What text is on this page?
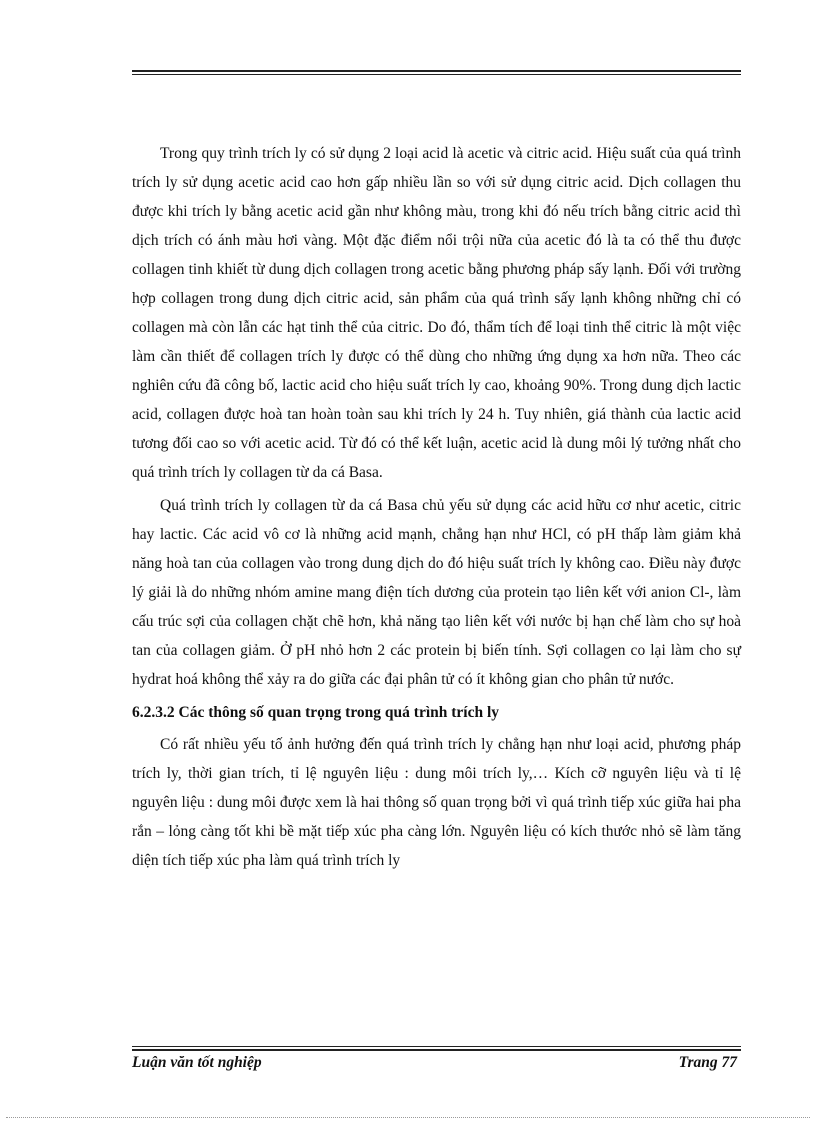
Trong quy trình trích ly có sử dụng 2 loại acid là acetic và citric acid. Hiệu suất của quá trình trích ly sử dụng acetic acid cao hơn gấp nhiều lần so với sử dụng citric acid. Dịch collagen thu được khi trích ly bằng acetic acid gần như không màu, trong khi đó nếu trích bằng citric acid thì dịch trích có ánh màu hơi vàng. Một đặc điểm nổi trội nữa của acetic đó là ta có thể thu được collagen tinh khiết từ dung dịch collagen trong acetic bằng phương pháp sấy lạnh. Đối với trường hợp collagen trong dung dịch citric acid, sản phẩm của quá trình sấy lạnh không những chỉ có collagen mà còn lẫn các hạt tinh thể của citric. Do đó, thẩm tích để loại tinh thể citric là một việc làm cần thiết để collagen trích ly được có thể dùng cho những ứng dụng xa hơn nữa. Theo các nghiên cứu đã công bố, lactic acid cho hiệu suất trích ly cao, khoảng 90%. Trong dung dịch lactic acid, collagen được hoà tan hoàn toàn sau khi trích ly 24 h. Tuy nhiên, giá thành của lactic acid tương đối cao so với acetic acid. Từ đó có thể kết luận, acetic acid là dung môi lý tưởng nhất cho quá trình trích ly collagen từ da cá Basa.

Quá trình trích ly collagen từ da cá Basa chủ yếu sử dụng các acid hữu cơ như acetic, citric hay lactic. Các acid vô cơ là những acid mạnh, chẳng hạn như HCl, có pH thấp làm giảm khả năng hoà tan của collagen vào trong dung dịch do đó hiệu suất trích ly không cao. Điều này được lý giải là do những nhóm amine mang điện tích dương của protein tạo liên kết với anion Cl-, làm cấu trúc sợi của collagen chặt chẽ hơn, khả năng tạo liên kết với nước bị hạn chế làm cho sự hoà tan của collagen giảm. Ở pH nhỏ hơn 2 các protein bị biến tính. Sợi collagen co lại làm cho sự hydrat hoá không thể xảy ra do giữa các đại phân tử có ít không gian cho phân tử nước.

6.2.3.2 Các thông số quan trọng trong quá trình trích ly

Có rất nhiều yếu tố ảnh hưởng đến quá trình trích ly chẳng hạn như loại acid, phương pháp trích ly, thời gian trích, tỉ lệ nguyên liệu : dung môi trích ly,… Kích cỡ nguyên liệu và tỉ lệ nguyên liệu : dung môi được xem là hai thông số quan trọng bởi vì quá trình tiếp xúc giữa hai pha rắn – lỏng càng tốt khi bề mặt tiếp xúc pha càng lớn. Nguyên liệu có kích thước nhỏ sẽ làm tăng diện tích tiếp xúc pha làm quá trình trích ly

Luận văn tốt nghiệp	Trang 77
